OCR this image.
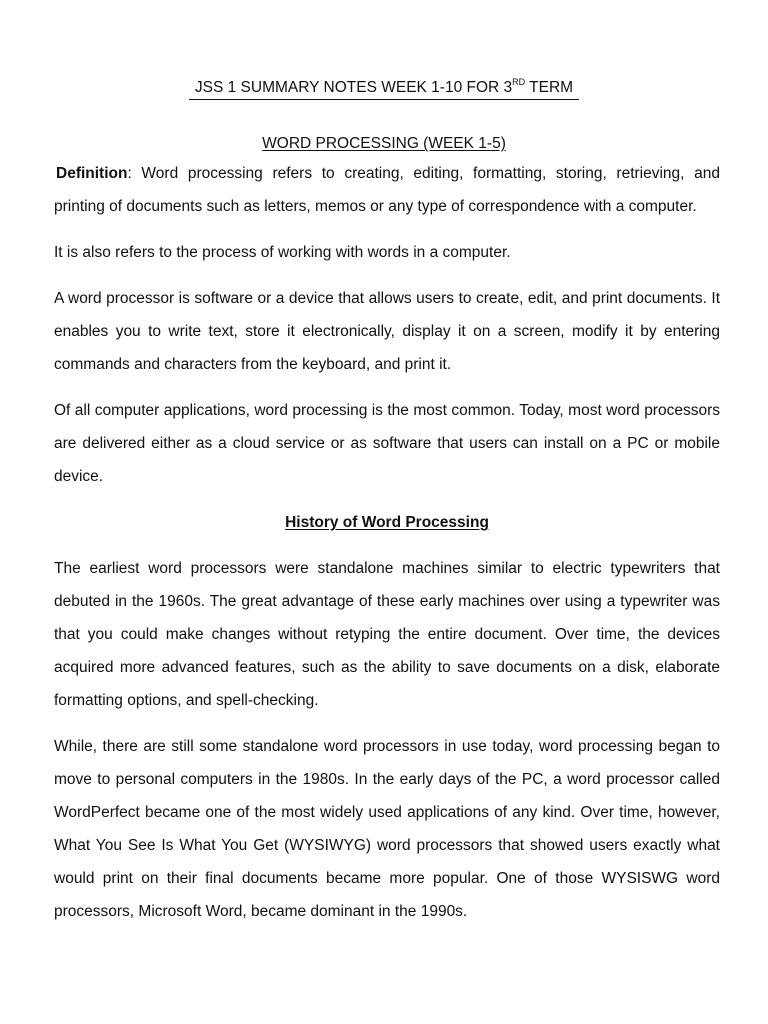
JSS 1 SUMMARY NOTES WEEK 1-10 FOR 3RD TERM
WORD PROCESSING (WEEK 1-5)

Definition: Word processing refers to creating, editing, formatting, storing, retrieving, and printing of documents such as letters, memos or any type of correspondence with a computer.

It is also refers to the process of working with words in a computer.

A word processor is software or a device that allows users to create, edit, and print documents. It enables you to write text, store it electronically, display it on a screen, modify it by entering commands and characters from the keyboard, and print it.

Of all computer applications, word processing is the most common. Today, most word processors are delivered either as a cloud service or as software that users can install on a PC or mobile device.

History of Word Processing

The earliest word processors were standalone machines similar to electric typewriters that debuted in the 1960s. The great advantage of these early machines over using a typewriter was that you could make changes without retyping the entire document. Over time, the devices acquired more advanced features, such as the ability to save documents on a disk, elaborate formatting options, and spell-checking.

While, there are still some standalone word processors in use today, word processing began to move to personal computers in the 1980s. In the early days of the PC, a word processor called WordPerfect became one of the most widely used applications of any kind. Over time, however, What You See Is What You Get (WYSIWYG) word processors that showed users exactly what would print on their final documents became more popular. One of those WYSISWG word processors, Microsoft Word, became dominant in the 1990s.
